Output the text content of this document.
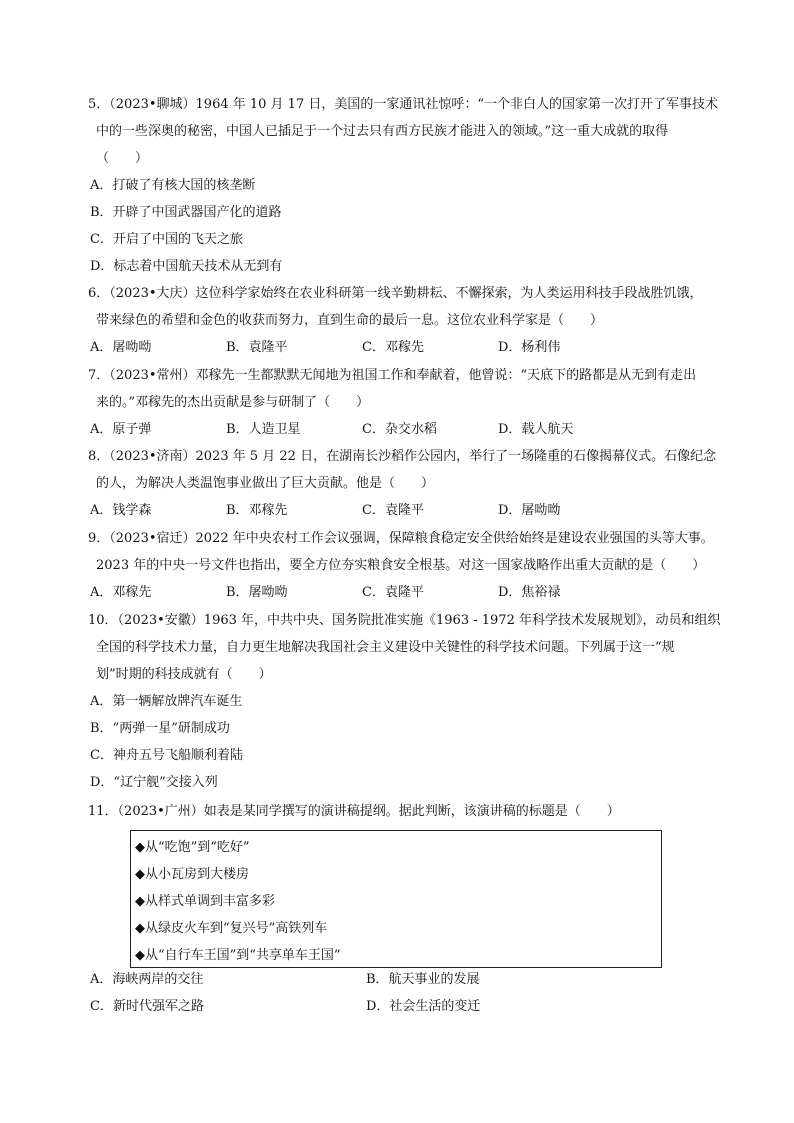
5．（2023•聊城）1964 年 10 月 17 日，美国的一家通讯社惊呼：“一个非白人的国家第一次打开了军事技术
中的一些深奥的秘密，中国人已插足于一个过去只有西方民族才能进入的领域。”这一重大成就的取得
（　　）
A．打破了有核大国的核垄断
B．开辟了中国武器国产化的道路
C．开启了中国的飞天之旅
D．标志着中国航天技术从无到有
6．（2023•大庆）这位科学家始终在农业科研第一线辛勤耕耘、不懈探索，为人类运用科技手段战胜饥饿，
带来绿色的希望和金色的收获而努力，直到生命的最后一息。这位农业科学家是（　　）
A．屠呦呦	B．袁隆平	C．邓稼先	D．杨利伟
7．（2023•常州）邓稼先一生都默默无闻地为祖国工作和奉献着，他曾说：“天底下的路都是从无到有走出
来的。”邓稼先的杰出贡献是参与研制了（　　）
A．原子弹	B．人造卫星	C．杂交水稻	D．载人航天
8．（2023•济南）2023 年 5 月 22 日，在湖南长沙稻作公园内，举行了一场隆重的石像揭幕仪式。石像纪念
的人，为解决人类温饱事业做出了巨大贡献。他是（　　）
A．钱学森	B．邓稼先	C．袁隆平	D．屠呦呦
9．（2023•宿迁）2022 年中央农村工作会议强调，保障粮食稳定安全供给始终是建设农业强国的头等大事。
2023 年的中央一号文件也指出，要全方位夯实粮食安全根基。对这一国家战略作出重大贡献的是（　　）
A．邓稼先	B．屠呦呦	C．袁隆平	D．焦裕禄
10．（2023•安徽）1963 年，中共中央、国务院批准实施《1963 - 1972 年科学技术发展规划》，动员和组织
全国的科学技术力量，自力更生地解决我国社会主义建设中关键性的科学技术问题。下列属于这一“规
划”时期的科技成就有（　　）
A．第一辆解放牌汽车诞生
B．“两弹一星”研制成功
C．神舟五号飞船顺利着陆
D．“辽宁舰”交接入列
11．（2023•广州）如表是某同学撰写的演讲稿提纲。据此判断，该演讲稿的标题是（　　）
◆从“吃饱”到“吃好”
◆从小瓦房到大楼房
◆从样式单调到丰富多彩
◆从绿皮火车到“复兴号”高铁列车
◆从“自行车王国”到“共享单车王国”
A．海峡两岸的交往	B．航天事业的发展
C．新时代强军之路	D．社会生活的变迁
